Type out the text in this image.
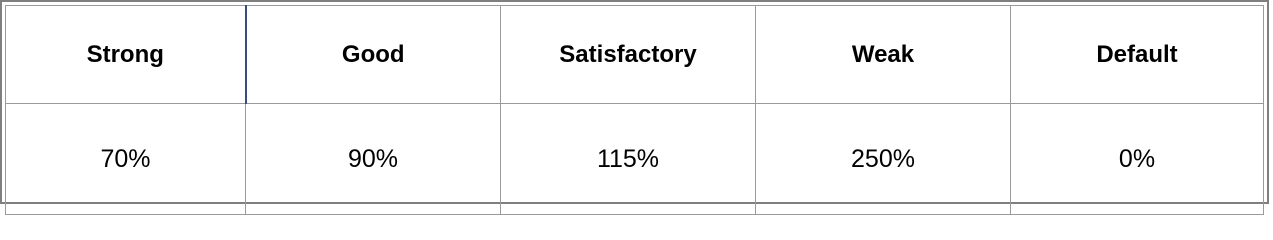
Strong	Good	Satisfactory	Weak	Default
70%	90%	115%	250%	0%
